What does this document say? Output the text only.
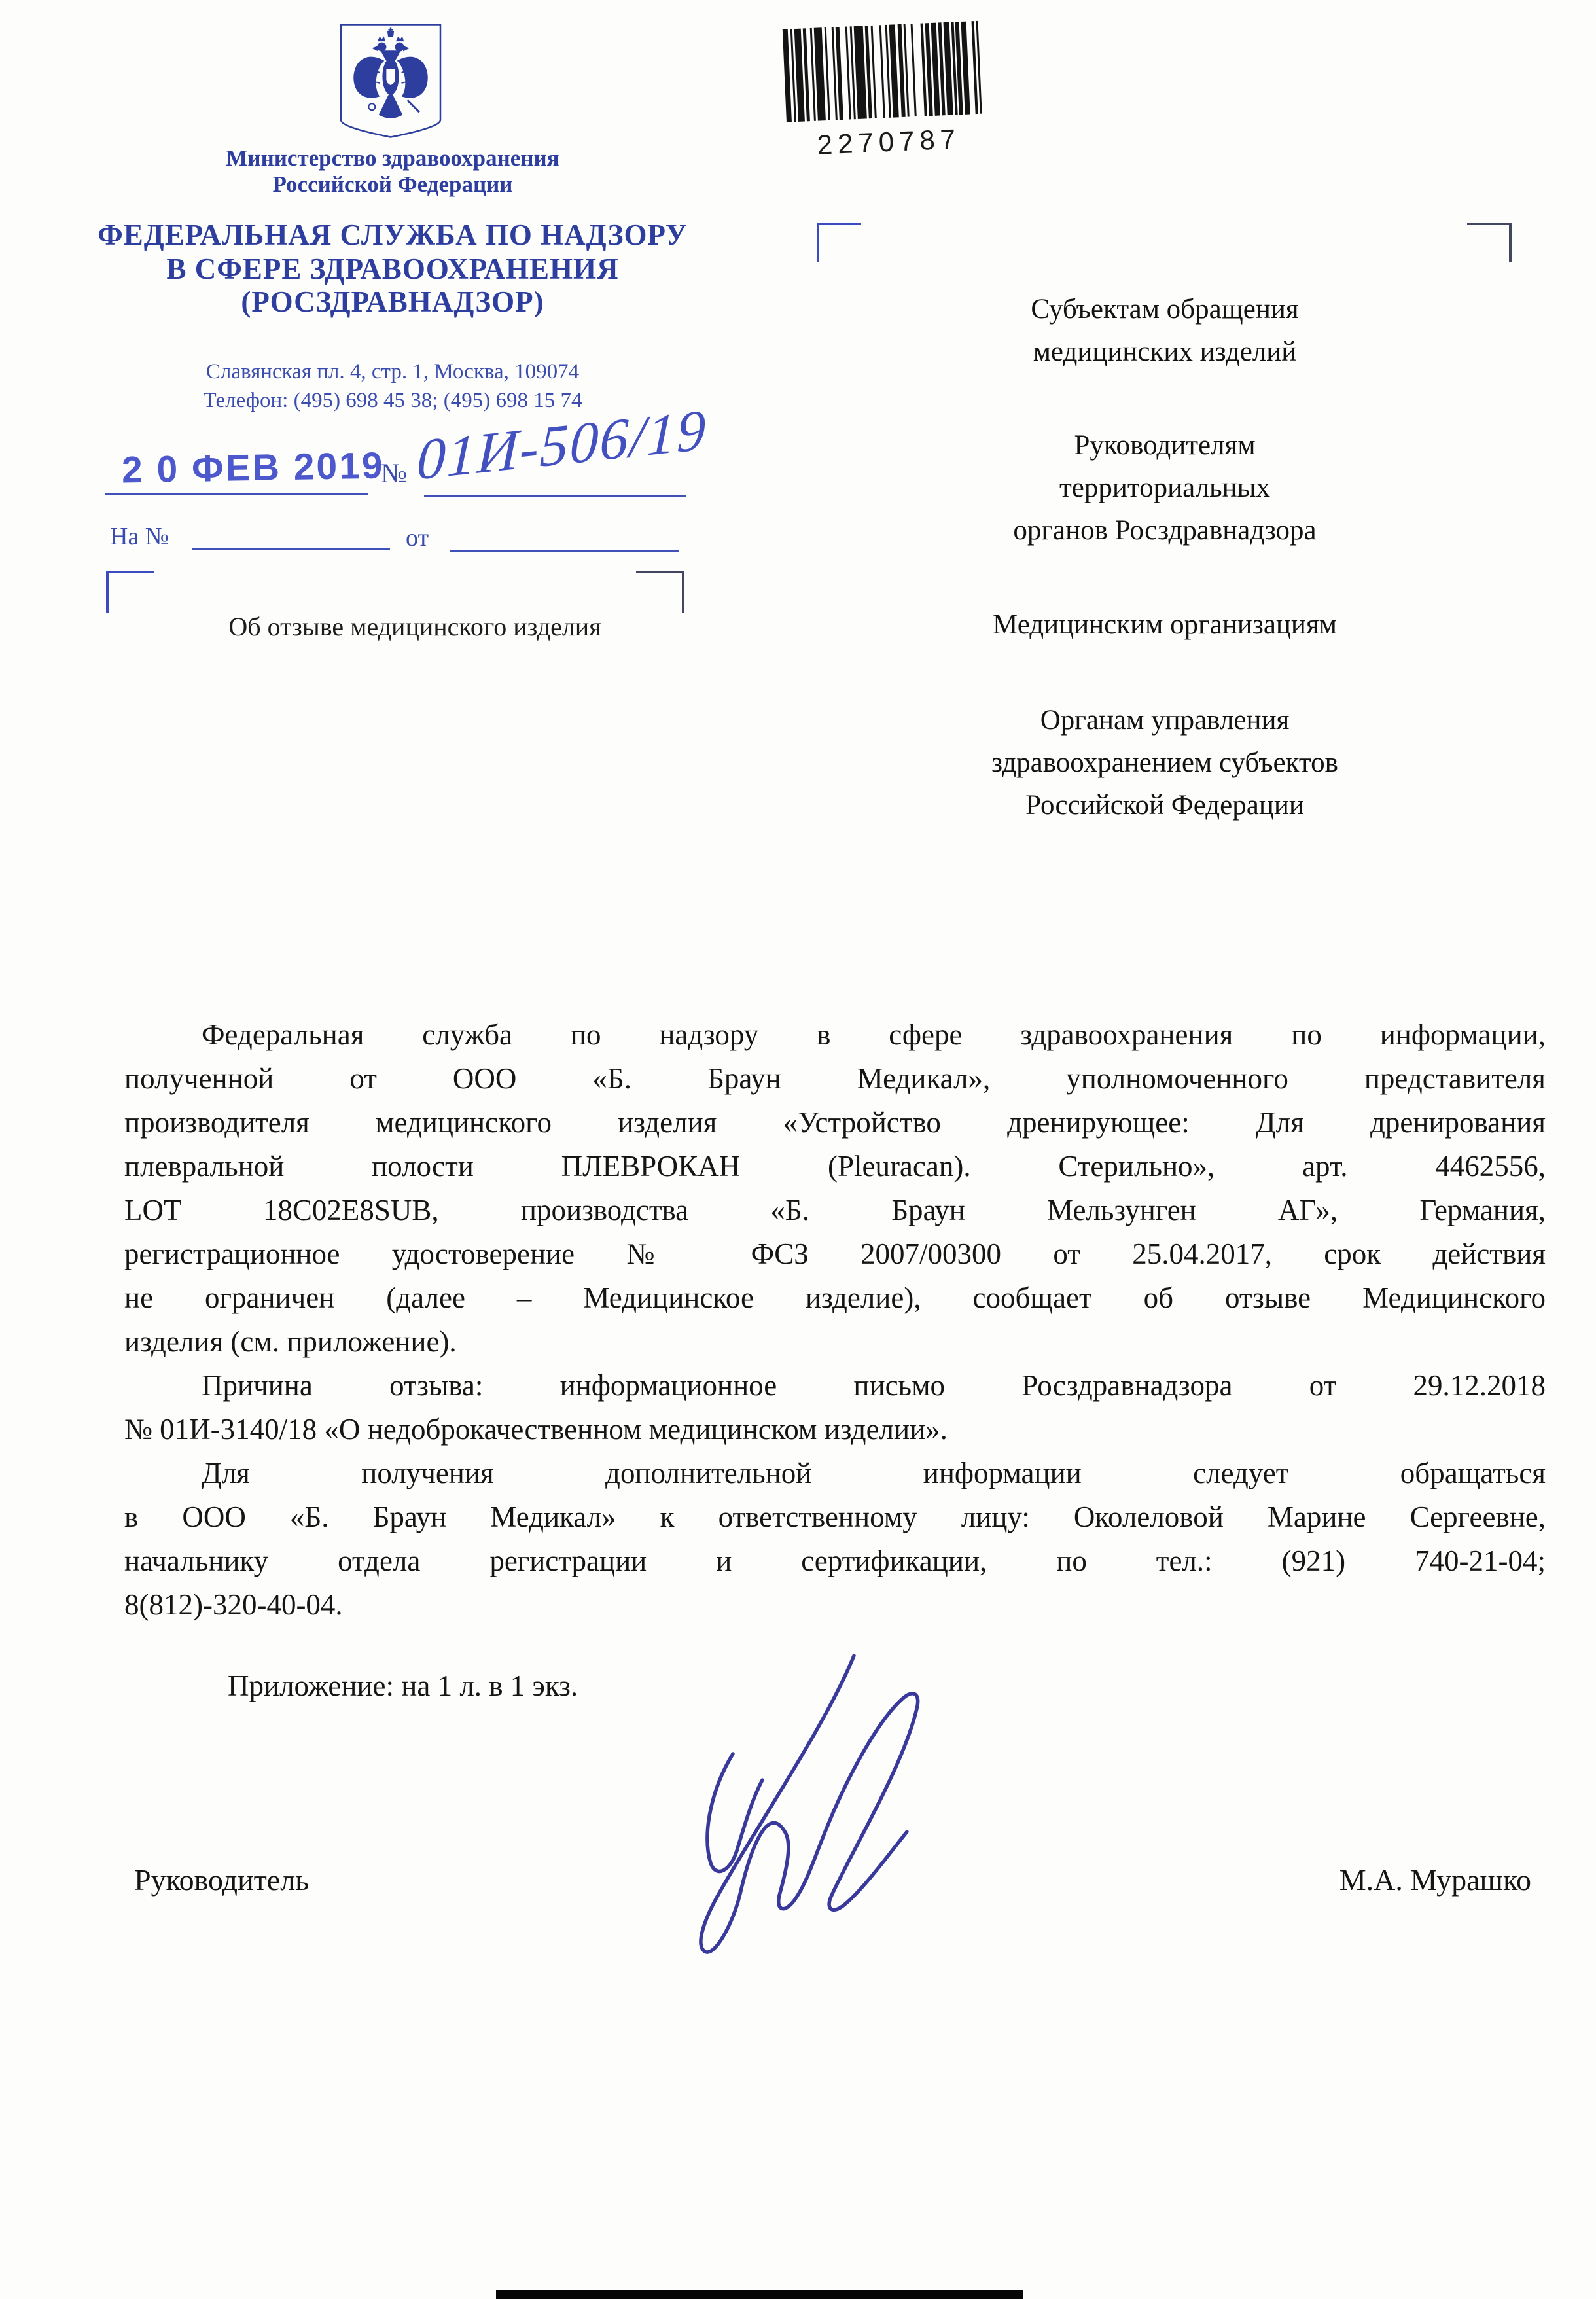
Министерство здравоохранения
Российской Федерации
ФЕДЕРАЛЬНАЯ СЛУЖБА ПО НАДЗОРУ
В СФЕРЕ ЗДРАВООХРАНЕНИЯ
(РОСЗДРАВНАДЗОР)
Славянская пл. 4, стр. 1, Москва, 109074
Телефон: (495) 698 45 38; (495) 698 15 74
2270787
2 0 ФЕВ 2019
№ 01И-506/19
На №	от
Об отзыве медицинского изделия
Субъектам обращения
медицинских изделий
Руководителям
территориальных
органов Росздравнадзора
Медицинским организациям
Органам управления
здравоохранением субъектов
Российской Федерации
Федеральная служба по надзору в сфере здравоохранения по информации,
полученной от ООО «Б. Браун Медикал», уполномоченного представителя
производителя медицинского изделия «Устройство дренирующее: Для дренирования
плевральной полости ПЛЕВРОКАН (Pleuracan). Стерильно», арт. 4462556,
LOT 18C02E8SUB, производства «Б. Браун Мельзунген АГ», Германия,
регистрационное удостоверение № ФСЗ 2007/00300 от 25.04.2017, срок действия
не ограничен (далее – Медицинское изделие), сообщает об отзыве Медицинского
изделия (см. приложение).
Причина отзыва: информационное письмо Росздравнадзора от 29.12.2018
№ 01И-3140/18 «О недоброкачественном медицинском изделии».
Для получения дополнительной информации следует обращаться
в ООО «Б. Браун Медикал» к ответственному лицу: Околеловой Марине Сергеевне,
начальнику отдела регистрации и сертификации, по тел.: (921) 740-21-04;
8(812)-320-40-04.
Приложение: на 1 л. в 1 экз.
Руководитель	М.А. Мурашко
